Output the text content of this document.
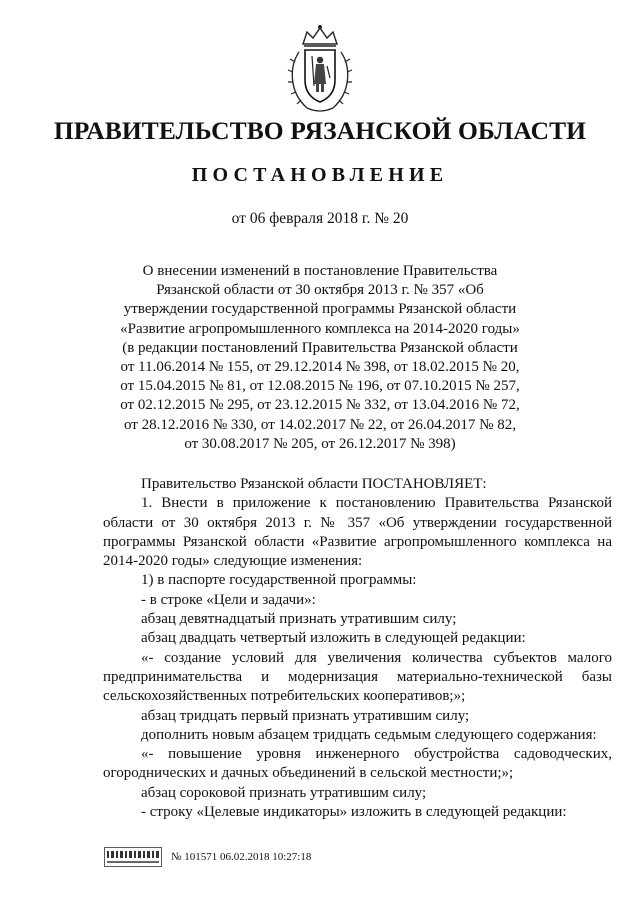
ПРАВИТЕЛЬСТВО РЯЗАНСКОЙ ОБЛАСТИ
ПОСТАНОВЛЕНИЕ
от 06 февраля 2018 г. № 20
О внесении изменений в постановление Правительства
Рязанской области от 30 октября 2013 г. № 357 «Об
утверждении государственной программы Рязанской области
«Развитие агропромышленного комплекса на 2014-2020 годы»
(в редакции постановлений Правительства Рязанской области
от 11.06.2014 № 155, от 29.12.2014 № 398, от 18.02.2015 № 20,
от 15.04.2015 № 81, от 12.08.2015 № 196, от 07.10.2015 № 257,
от 02.12.2015 № 295, от 23.12.2015 № 332, от 13.04.2016 № 72,
от 28.12.2016 № 330, от 14.02.2017 № 22, от 26.04.2017 № 82,
от 30.08.2017 № 205, от 26.12.2017 № 398)

Правительство Рязанской области ПОСТАНОВЛЯЕТ:

1. Внести в приложение к постановлению Правительства Рязанской области от 30 октября 2013 г. № 357 «Об утверждении государственной программы Рязанской области «Развитие агропромышленного комплекса на 2014-2020 годы» следующие изменения:

1) в паспорте государственной программы:

- в строке «Цели и задачи»:

абзац девятнадцатый признать утратившим силу;

абзац двадцать четвертый изложить в следующей редакции:

«- создание условий для увеличения количества субъектов малого предпринимательства и модернизация материально-технической базы сельскохозяйственных потребительских кооперативов;»;

абзац тридцать первый признать утратившим силу;

дополнить новым абзацем тридцать седьмым следующего содержания:

«- повышение уровня инженерного обустройства садоводческих, огороднических и дачных объединений в сельской местности;»;

абзац сороковой признать утратившим силу;

- строку «Целевые индикаторы» изложить в следующей редакции:

№ 101571 06.02.2018 10:27:18
